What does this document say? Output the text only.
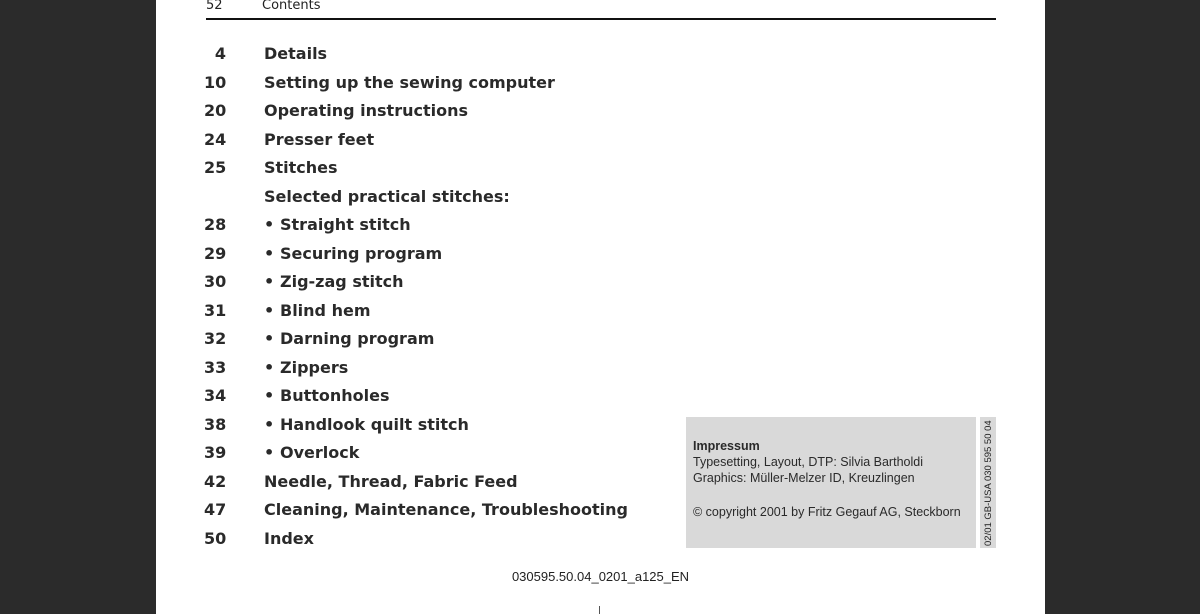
52	Contents
4 Details
10 Setting up the sewing computer
20 Operating instructions
24 Presser feet
25 Stitches
Selected practical stitches:
28 • Straight stitch
29 • Securing program
30 • Zig-zag stitch
31 • Blind hem
32 • Darning program
33 • Zippers
34 • Buttonholes
38 • Handlook quilt stitch
39 • Overlock
42 Needle, Thread, Fabric Feed
47 Cleaning, Maintenance, Troubleshooting
50 Index
Impressum
Typesetting, Layout, DTP: Silvia Bartholdi
Graphics: Müller-Melzer ID, Kreuzlingen
© copyright 2001 by Fritz Gegauf AG, Steckborn 02/01 GB-USA 030 595 50 04
030595.50.04_0201_a125_EN
